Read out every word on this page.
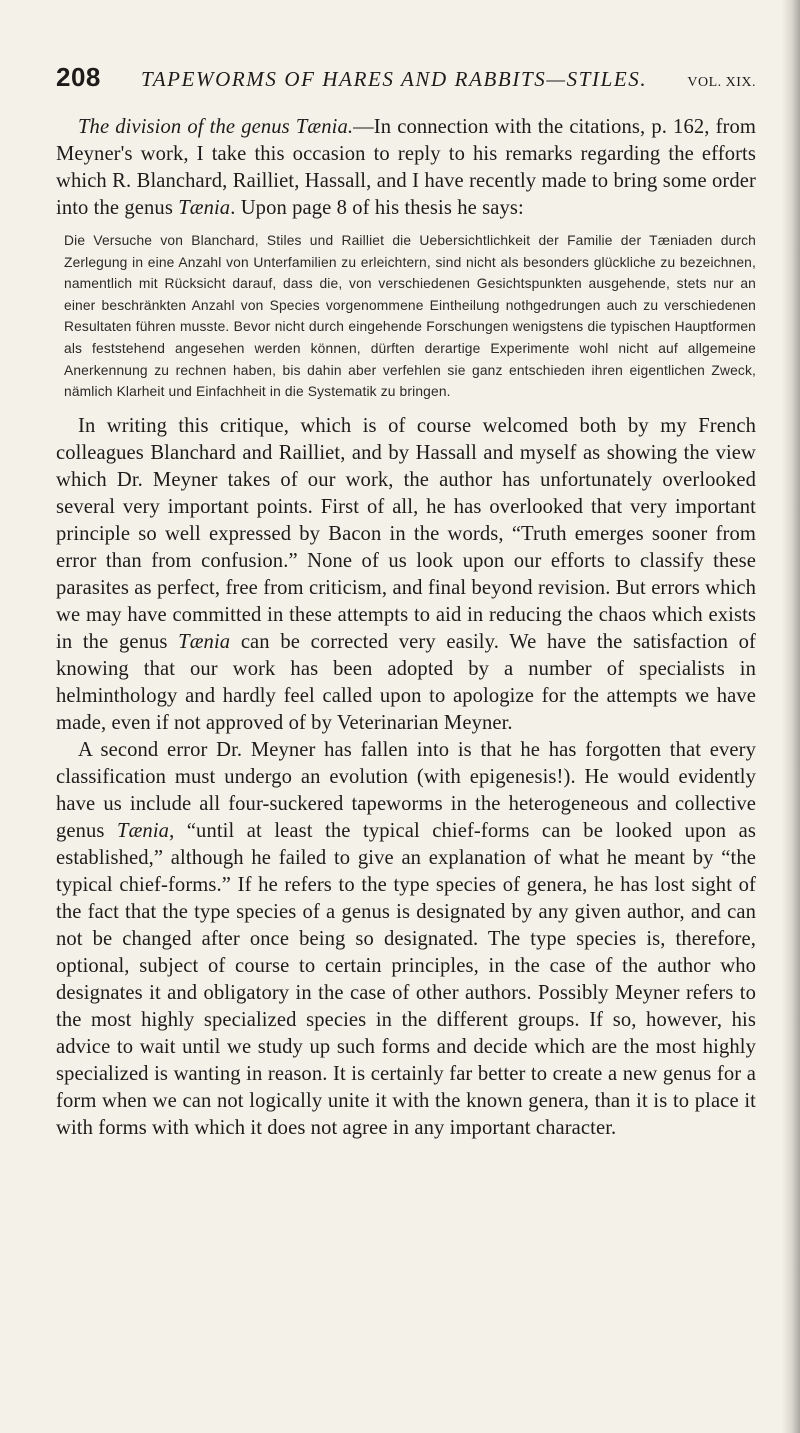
208 TAPEWORMS OF HARES AND RABBITS—STILES.	VOL. XIX.

The division of the genus Tænia.—In connection with the citations, p. 162, from Meyner's work, I take this occasion to reply to his remarks regarding the efforts which R. Blanchard, Railliet, Hassall, and I have recently made to bring some order into the genus Tænia. Upon page 8 of his thesis he says:

Die Versuche von Blanchard, Stiles und Railliet die Uebersichtlichkeit der Familie der Tæniaden durch Zerlegung in eine Anzahl von Unterfamilien zu erleichtern, sind nicht als besonders glückliche zu bezeichnen, namentlich mit Rücksicht darauf, dass die, von verschiedenen Gesichtspunkten ausgehende, stets nur an einer beschränkten Anzahl von Species vorgenommene Eintheilung nothgedrungen auch zu verschiedenen Resultaten führen musste. Bevor nicht durch eingehende Forschungen wenigstens die typischen Hauptformen als feststehend angesehen werden können, dürften derartige Experimente wohl nicht auf allgemeine Anerkennung zu rechnen haben, bis dahin aber verfehlen sie ganz entschieden ihren eigentlichen Zweck, nämlich Klarheit und Einfachheit in die Systematik zu bringen.

In writing this critique, which is of course welcomed both by my French colleagues Blanchard and Railliet, and by Hassall and myself as showing the view which Dr. Meyner takes of our work, the author has unfortunately overlooked several very important points. First of all, he has overlooked that very important principle so well expressed by Bacon in the words, “Truth emerges sooner from error than from confusion.” None of us look upon our efforts to classify these parasites as perfect, free from criticism, and final beyond revision. But errors which we may have committed in these attempts to aid in reducing the chaos which exists in the genus Tænia can be corrected very easily. We have the satisfaction of knowing that our work has been adopted by a number of specialists in helminthology and hardly feel called upon to apologize for the attempts we have made, even if not approved of by Veterinarian Meyner.

A second error Dr. Meyner has fallen into is that he has forgotten that every classification must undergo an evolution (with epigenesis!). He would evidently have us include all four-suckered tapeworms in the heterogeneous and collective genus Tænia, “until at least the typical chief-forms can be looked upon as established,” although he failed to give an explanation of what he meant by “the typical chief-forms.” If he refers to the type species of genera, he has lost sight of the fact that the type species of a genus is designated by any given author, and can not be changed after once being so designated. The type species is, therefore, optional, subject of course to certain principles, in the case of the author who designates it and obligatory in the case of other authors. Possibly Meyner refers to the most highly specialized species in the different groups. If so, however, his advice to wait until we study up such forms and decide which are the most highly specialized is wanting in reason. It is certainly far better to create a new genus for a form when we can not logically unite it with the known genera, than it is to place it with forms with which it does not agree in any important character.
